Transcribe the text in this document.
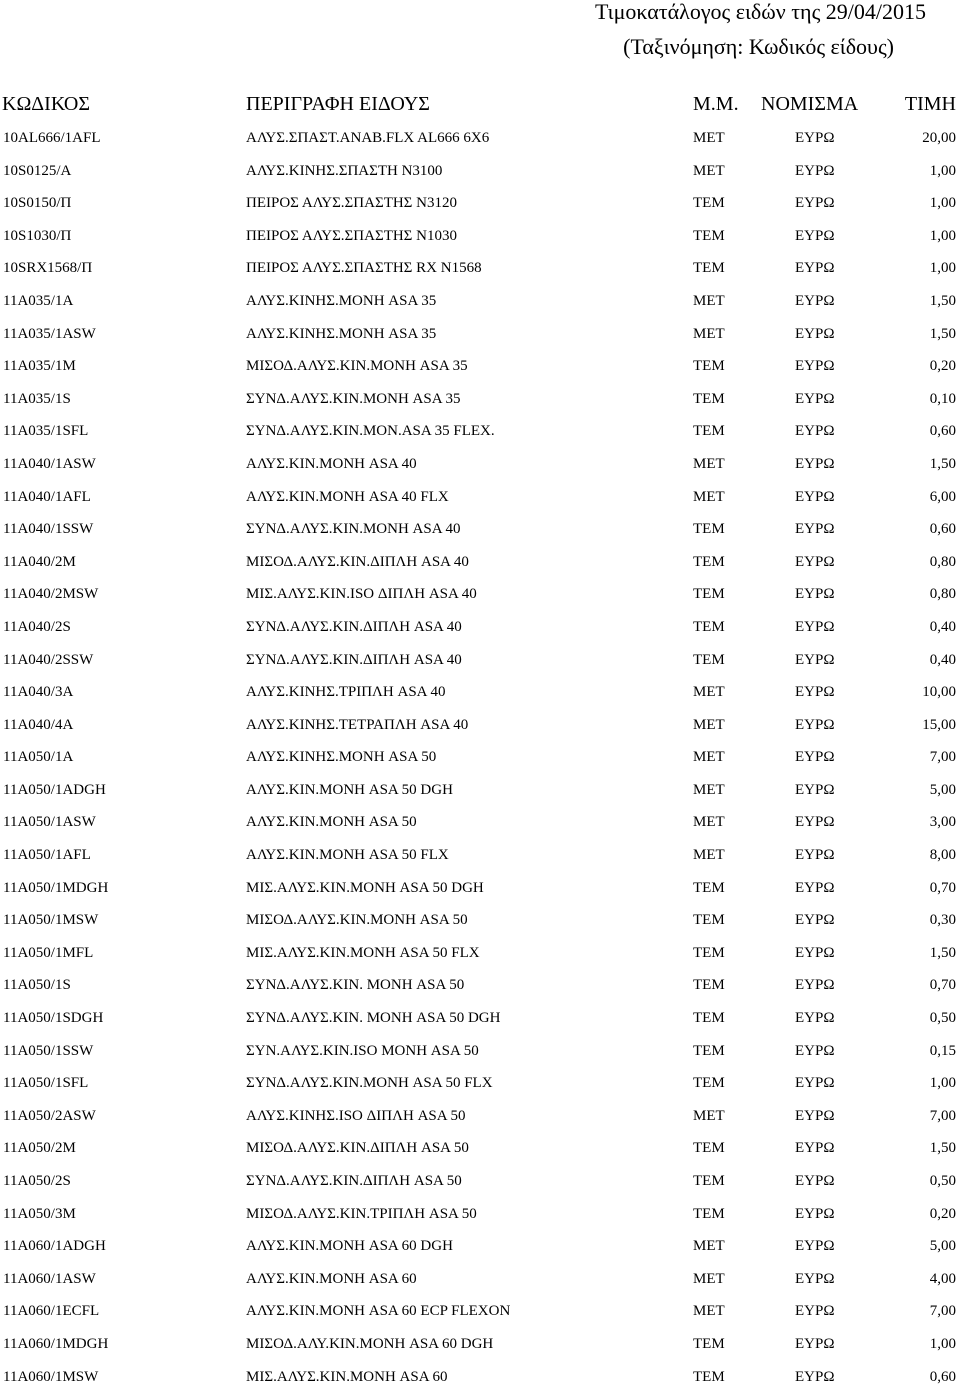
Τιμοκατάλογος ειδών της 29/04/2015
(Ταξινόμηση: Κωδικός είδους)
ΚΩΔΙΚΟΣ	ΠΕΡΙΓΡΑΦΗ ΕΙΔΟΥΣ	Μ.Μ. ΝΟΜΙΣΜΑ ΤΙΜΗ
10AL666/1AFL	ΑΛΥΣ.ΣΠΑΣΤ.ΑΝΑΒ.FLX AL666 6X6	ΜΕΤ	ΕΥΡΩ	20,00
10S0125/A	ΑΛΥΣ.ΚΙΝΗΣ.ΣΠΑΣΤΗ Ν3100	ΜΕΤ	ΕΥΡΩ	1,00
10S0150/Π	ΠΕΙΡΟΣ ΑΛΥΣ.ΣΠΑΣΤΗΣ Ν3120	ΤΕΜ	ΕΥΡΩ	1,00
10S1030/Π	ΠΕΙΡΟΣ ΑΛΥΣ.ΣΠΑΣΤΗΣ Ν1030	ΤΕΜ	ΕΥΡΩ	1,00
10SRX1568/Π	ΠΕΙΡΟΣ ΑΛΥΣ.ΣΠΑΣΤΗΣ RX N1568	ΤΕΜ	ΕΥΡΩ	1,00
11A035/1A	ΑΛΥΣ.ΚΙΝΗΣ.ΜΟΝΗ ASA 35	ΜΕΤ	ΕΥΡΩ	1,50
11A035/1ASW	ΑΛΥΣ.ΚΙΝΗΣ.ΜΟΝΗ ASA 35	ΜΕΤ	ΕΥΡΩ	1,50
11A035/1M	ΜΙΣΟΔ.ΑΛΥΣ.ΚΙΝ.ΜΟΝΗ ASA 35	ΤΕΜ	ΕΥΡΩ	0,20
11A035/1S	ΣΥΝΔ.ΑΛΥΣ.ΚΙΝ.ΜΟΝΗ ASA 35	ΤΕΜ	ΕΥΡΩ	0,10
11A035/1SFL	ΣΥΝΔ.ΑΛΥΣ.ΚΙΝ.ΜΟΝ.ASA 35 FLEX.	ΤΕΜ	ΕΥΡΩ	0,60
11A040/1ASW	ΑΛΥΣ.ΚΙΝ.ΜΟΝΗ ASA 40	ΜΕΤ	ΕΥΡΩ	1,50
11A040/1AFL	ΑΛΥΣ.ΚΙΝ.ΜΟΝΗ ASA 40 FLX	ΜΕΤ	ΕΥΡΩ	6,00
11A040/1SSW	ΣΥΝΔ.ΑΛΥΣ.ΚΙΝ.ΜΟΝΗ ASA 40	ΤΕΜ	ΕΥΡΩ	0,60
11A040/2M	ΜΙΣΟΔ.ΑΛΥΣ.ΚΙΝ.ΔΙΠΛΗ ASA 40	ΤΕΜ	ΕΥΡΩ	0,80
11A040/2MSW	ΜΙΣ.ΑΛΥΣ.ΚΙΝ.ISO ΔΙΠΛΗ ASA 40	ΤΕΜ	ΕΥΡΩ	0,80
11A040/2S	ΣΥΝΔ.ΑΛΥΣ.ΚΙΝ.ΔΙΠΛΗ ASA 40	ΤΕΜ	ΕΥΡΩ	0,40
11A040/2SSW	ΣΥΝΔ.ΑΛΥΣ.ΚΙΝ.ΔΙΠΛΗ ASA 40	ΤΕΜ	ΕΥΡΩ	0,40
11A040/3A	ΑΛΥΣ.ΚΙΝΗΣ.ΤΡΙΠΛΗ ASA 40	ΜΕΤ	ΕΥΡΩ	10,00
11A040/4A	ΑΛΥΣ.ΚΙΝΗΣ.ΤΕΤΡΑΠΛΗ ASA 40	ΜΕΤ	ΕΥΡΩ	15,00
11A050/1A	ΑΛΥΣ.ΚΙΝΗΣ.ΜΟΝΗ ASA 50	ΜΕΤ	ΕΥΡΩ	7,00
11A050/1ADGH	ΑΛΥΣ.ΚΙΝ.ΜΟΝΗ ASA 50 DGH	ΜΕΤ	ΕΥΡΩ	5,00
11A050/1ASW	ΑΛΥΣ.ΚΙΝ.ΜΟΝΗ ASA 50	ΜΕΤ	ΕΥΡΩ	3,00
11A050/1AFL	ΑΛΥΣ.ΚΙΝ.ΜΟΝΗ ASA 50 FLX	ΜΕΤ	ΕΥΡΩ	8,00
11A050/1MDGH	ΜΙΣ.ΑΛΥΣ.ΚΙΝ.ΜΟΝΗ ASA 50 DGH	ΤΕΜ	ΕΥΡΩ	0,70
11A050/1MSW	ΜΙΣΟΔ.ΑΛΥΣ.ΚΙΝ.ΜΟΝΗ ASA 50	ΤΕΜ	ΕΥΡΩ	0,30
11A050/1MFL	ΜΙΣ.ΑΛΥΣ.ΚΙΝ.ΜΟΝΗ ASA 50 FLX	ΤΕΜ	ΕΥΡΩ	1,50
11A050/1S	ΣΥΝΔ.ΑΛΥΣ.ΚΙΝ. ΜΟΝΗ ASA 50	ΤΕΜ	ΕΥΡΩ	0,70
11A050/1SDGH	ΣΥΝΔ.ΑΛΥΣ.ΚΙΝ. ΜΟΝΗ ASA 50 DGH	ΤΕΜ	ΕΥΡΩ	0,50
11A050/1SSW	ΣΥΝ.ΑΛΥΣ.ΚΙΝ.ISO ΜΟΝΗ ASA 50	ΤΕΜ	ΕΥΡΩ	0,15
11A050/1SFL	ΣΥΝΔ.ΑΛΥΣ.ΚΙΝ.ΜΟΝΗ ASA 50 FLX	ΤΕΜ	ΕΥΡΩ	1,00
11A050/2ASW	ΑΛΥΣ.ΚΙΝΗΣ.ISO ΔΙΠΛΗ ASA 50	ΜΕΤ	ΕΥΡΩ	7,00
11A050/2M	ΜΙΣΟΔ.ΑΛΥΣ.ΚΙΝ.ΔΙΠΛΗ ASA 50	ΤΕΜ	ΕΥΡΩ	1,50
11A050/2S	ΣΥΝΔ.ΑΛΥΣ.ΚΙΝ.ΔΙΠΛΗ ASA 50	ΤΕΜ	ΕΥΡΩ	0,50
11A050/3M	ΜΙΣΟΔ.ΑΛΥΣ.ΚΙΝ.ΤΡΙΠΛΗ ASA 50	ΤΕΜ	ΕΥΡΩ	0,20
11A060/1ADGH	ΑΛΥΣ.ΚΙΝ.ΜΟΝΗ ASA 60 DGH	ΜΕΤ	ΕΥΡΩ	5,00
11A060/1ASW	ΑΛΥΣ.ΚΙΝ.ΜΟΝΗ ASA 60	ΜΕΤ	ΕΥΡΩ	4,00
11A060/1ECFL	ΑΛΥΣ.ΚΙΝ.ΜΟΝΗ ASA 60 ECP FLEXON	ΜΕΤ	ΕΥΡΩ	7,00
11A060/1MDGH	ΜΙΣΟΔ.ΑΛΥ.ΚΙΝ.ΜΟΝΗ ASA 60 DGH	ΤΕΜ	ΕΥΡΩ	1,00
11A060/1MSW	ΜΙΣ.ΑΛΥΣ.ΚΙΝ.ΜΟΝΗ ASA 60	ΤΕΜ	ΕΥΡΩ	0,60
